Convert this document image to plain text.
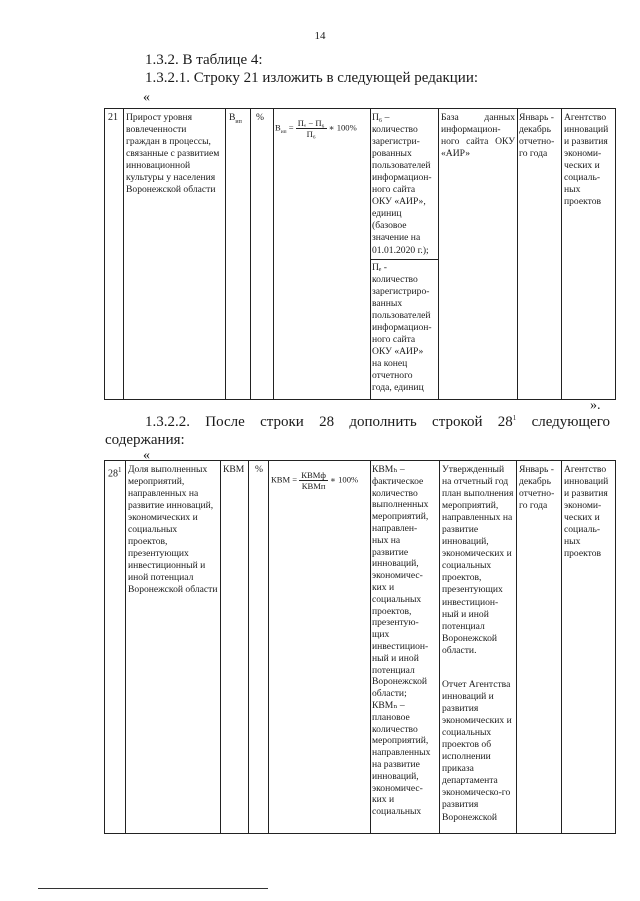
14
1.3.2. В таблице 4:
1.3.2.1. Строку 21 изложить в следующей редакции:
«
21 Прирост уровня вовлеченности граждан в процессы, связанные с развитием инновационной культуры у населения Воронежской области
$В_{ип}$ %
$В_{ип} = \frac{\text{Пₑ − П₆}}{\text{П₆}}$ ∗ 100%
П₆ –
количество
зарегистри-
рованных
пользователей
информацион-
ного сайта
ОКУ «АИР»,
единиц
(базовое
значение на
01.01.2020 г.);
Пₑ -
количество
зарегистриро-
ванных
пользователей
информацион-
ного сайта
ОКУ «АИР»
на конец
отчетного
года, единиц
База данных информацион-ного сайта ОКУ «АИР»
Январь - декабрь отчетно-го года
Агентство инноваций и развития экономи-ческих и социаль-ных проектов
».
1.3.2.2. После строки 28 дополнить строкой $28^1$ следующего
содержания:
«
$28^1$ Доля выполненных мероприятий, направленных на развитие инноваций, экономических и социальных проектов, презентующих инвестиционный и иной потенциал Воронежской области
КВМ %
КВМ = $\frac{\text{КВМф}}{\text{КВМп}}$ ∗ 100%
КВМₕ –
фактическое
количество
выполненных
мероприятий,
направлен-
ных на
развитие
инноваций,
экономичес-
ких и
социальных
проектов,
презентую-
щих
инвестицион-
ный и иной
потенциал
Воронежской
области;
КВМₙ –
плановое
количество
мероприятий,
направленных
на развитие
инноваций,
экономичес-
ких и
социальных
Утвержденный на отчетный год план выполнения мероприятий, направленных на развитие инноваций, экономических и социальных проектов, презентующих инвестицион-ный и иной потенциал Воронежской области.
Отчет Агентства инноваций и развития экономических и социальных проектов об исполнении приказа департамента экономическо-го развития Воронежской
Январь - декабрь отчетно-го года
Агентство инноваций и развития экономи-ческих и социаль-ных проектов
